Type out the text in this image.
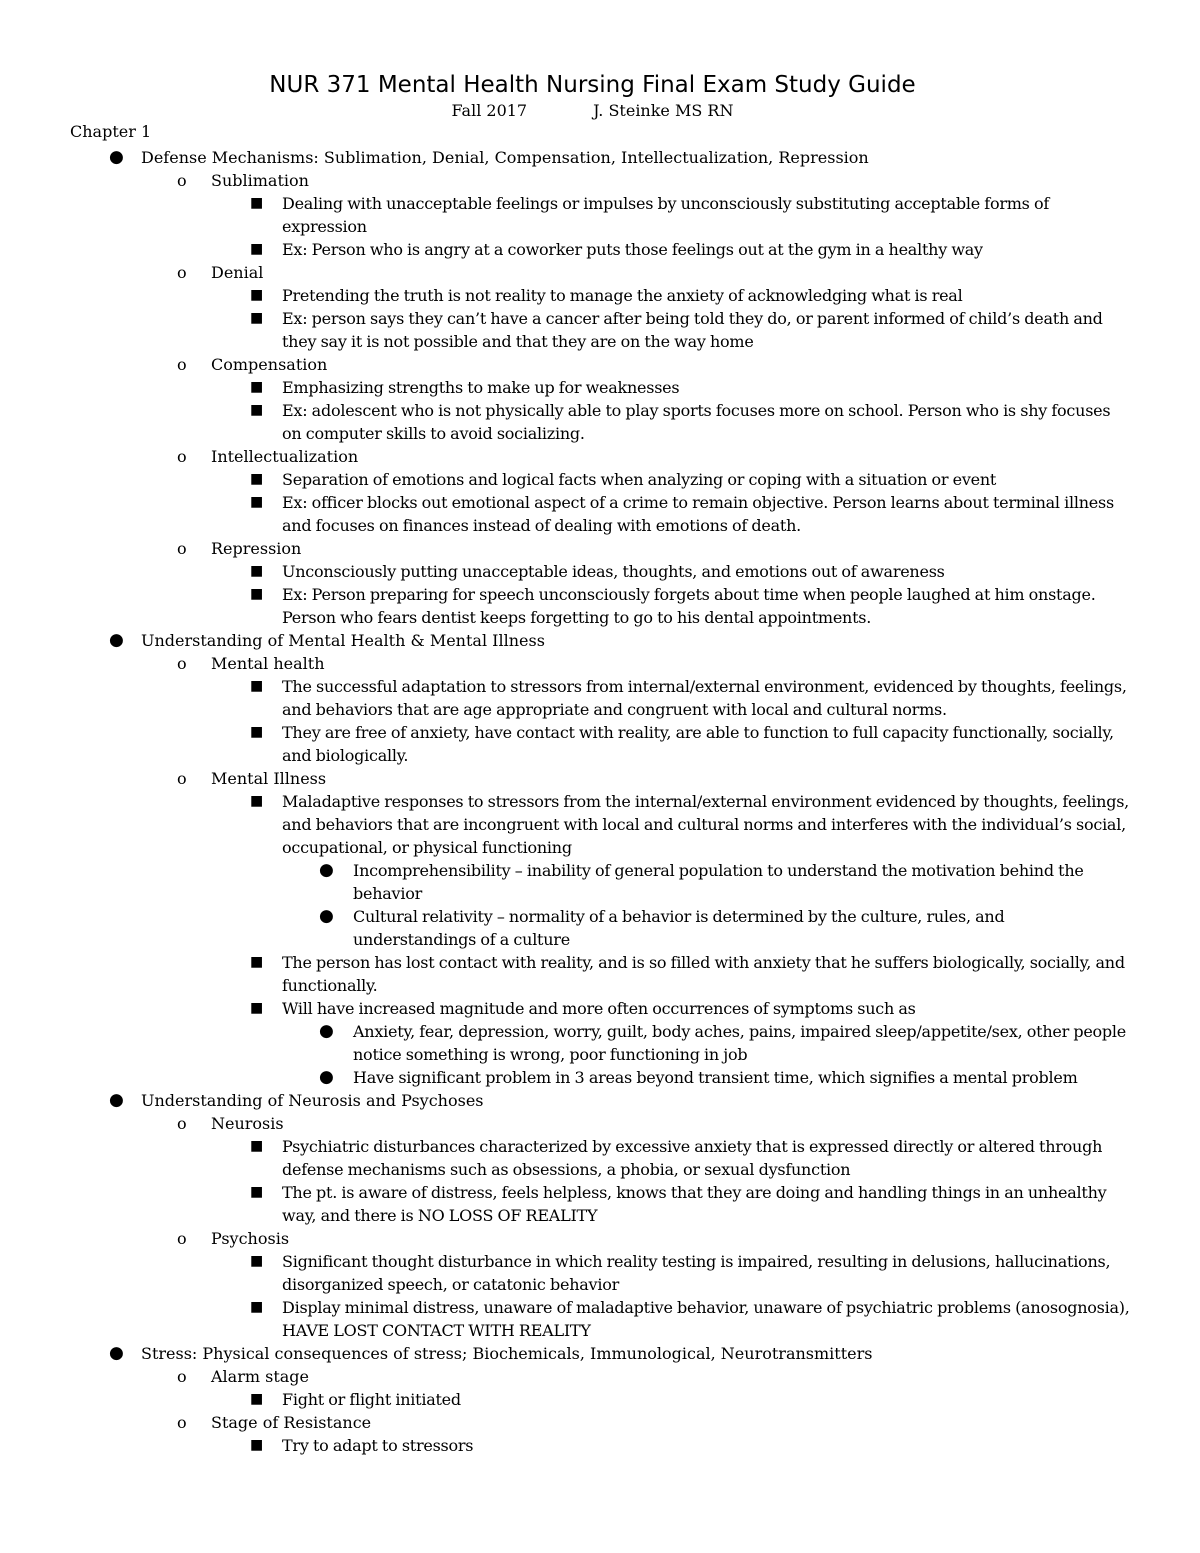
NUR 371 Mental Health Nursing Final Exam Study Guide
Fall 2017	J. Steinke MS RN
Chapter 1
● Defense Mechanisms: Sublimation, Denial, Compensation, Intellectualization, Repression
o Sublimation
■ Dealing with unacceptable feelings or impulses by unconsciously substituting acceptable forms of expression
■ Ex: Person who is angry at a coworker puts those feelings out at the gym in a healthy way
o Denial
■ Pretending the truth is not reality to manage the anxiety of acknowledging what is real
■ Ex: person says they can’t have a cancer after being told they do, or parent informed of child’s death and they say it is not possible and that they are on the way home
o Compensation
■ Emphasizing strengths to make up for weaknesses
■ Ex: adolescent who is not physically able to play sports focuses more on school. Person who is shy focuses on computer skills to avoid socializing.
o Intellectualization
■ Separation of emotions and logical facts when analyzing or coping with a situation or event
■ Ex: officer blocks out emotional aspect of a crime to remain objective. Person learns about terminal illness and focuses on finances instead of dealing with emotions of death.
o Repression
■ Unconsciously putting unacceptable ideas, thoughts, and emotions out of awareness
■ Ex: Person preparing for speech unconsciously forgets about time when people laughed at him onstage. Person who fears dentist keeps forgetting to go to his dental appointments.
● Understanding of Mental Health & Mental Illness
o Mental health
■ The successful adaptation to stressors from internal/external environment, evidenced by thoughts, feelings, and behaviors that are age appropriate and congruent with local and cultural norms.
■ They are free of anxiety, have contact with reality, are able to function to full capacity functionally, socially, and biologically.
o Mental Illness
■ Maladaptive responses to stressors from the internal/external environment evidenced by thoughts, feelings, and behaviors that are incongruent with local and cultural norms and interferes with the individual’s social, occupational, or physical functioning
● Incomprehensibility – inability of general population to understand the motivation behind the behavior
● Cultural relativity – normality of a behavior is determined by the culture, rules, and understandings of a culture
■ The person has lost contact with reality, and is so filled with anxiety that he suffers biologically, socially, and functionally.
■ Will have increased magnitude and more often occurrences of symptoms such as
● Anxiety, fear, depression, worry, guilt, body aches, pains, impaired sleep/appetite/sex, other people notice something is wrong, poor functioning in job
● Have significant problem in 3 areas beyond transient time, which signifies a mental problem
● Understanding of Neurosis and Psychoses
o Neurosis
■ Psychiatric disturbances characterized by excessive anxiety that is expressed directly or altered through defense mechanisms such as obsessions, a phobia, or sexual dysfunction
■ The pt. is aware of distress, feels helpless, knows that they are doing and handling things in an unhealthy way, and there is NO LOSS OF REALITY
o Psychosis
■ Significant thought disturbance in which reality testing is impaired, resulting in delusions, hallucinations, disorganized speech, or catatonic behavior
■ Display minimal distress, unaware of maladaptive behavior, unaware of psychiatric problems (anosognosia), HAVE LOST CONTACT WITH REALITY
● Stress: Physical consequences of stress; Biochemicals, Immunological, Neurotransmitters
o Alarm stage
■ Fight or flight initiated
o Stage of Resistance
■ Try to adapt to stressors
